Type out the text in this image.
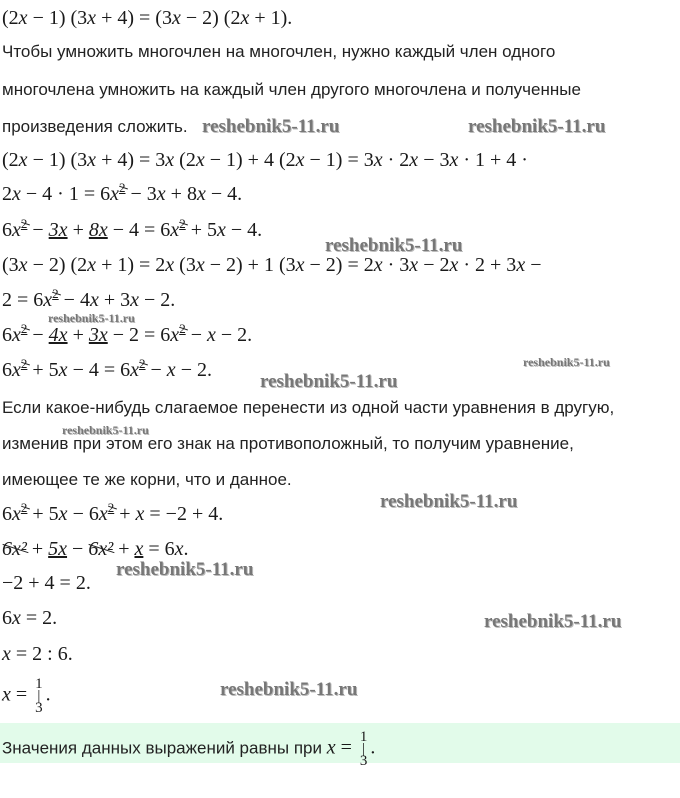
(2x − 1) (3x + 4) = (3x − 2) (2x + 1).
Чтобы умножить многочлен на многочлен, нужно каждый член одного
многочлена умножить на каждый член другого многочлена и полученные
произведения сложить.
(2x − 1) (3x + 4) = 3x (2x − 1) + 4 (2x − 1) = 3x · 2x − 3x · 1 + 4 ·
$2x - 4 \cdot 1 = 6x^2 - 3x + 8x - 4$.
$6x^2 - 3x + 8x - 4 = 6x^2 + 5x - 4$.
(3x − 2) (2x + 1) = 2x (3x − 2) + 1 (3x − 2) = 2x · 3x − 2x · 2 + 3x −
$2 = 6x^2 - 4x + 3x - 2$.
$6x^2 - 4x + 3x - 2 = 6x^2 - x - 2$.
$6x^2 + 5x - 4 = 6x^2 - x - 2$.
Если какое-нибудь слагаемое перенести из одной части уравнения в другую,
изменив при этом его знак на противоположный, то получим уравнение,
имеющее те же корни, что и данное.
$6x^2 + 5x - 6x^2 + x = -2 + 4$.
6x² + 5x − 6x² + x = 6x.
−2 + 4 = 2.
6x = 2.
x = 2 : 6.
x = 1|3.
Значения данных выражений равны при x = 1|3.
reshebnik5-11.ru	reshebnik5-11.ru
reshebnik5-11.ru
reshebnik5-11.ru
reshebnik5-11.ru
reshebnik5-11.ru
reshebnik5-11.ru
reshebnik5-11.ru
reshebnik5-11.ru
reshebnik5-11.ru
reshebnik5-11.ru
